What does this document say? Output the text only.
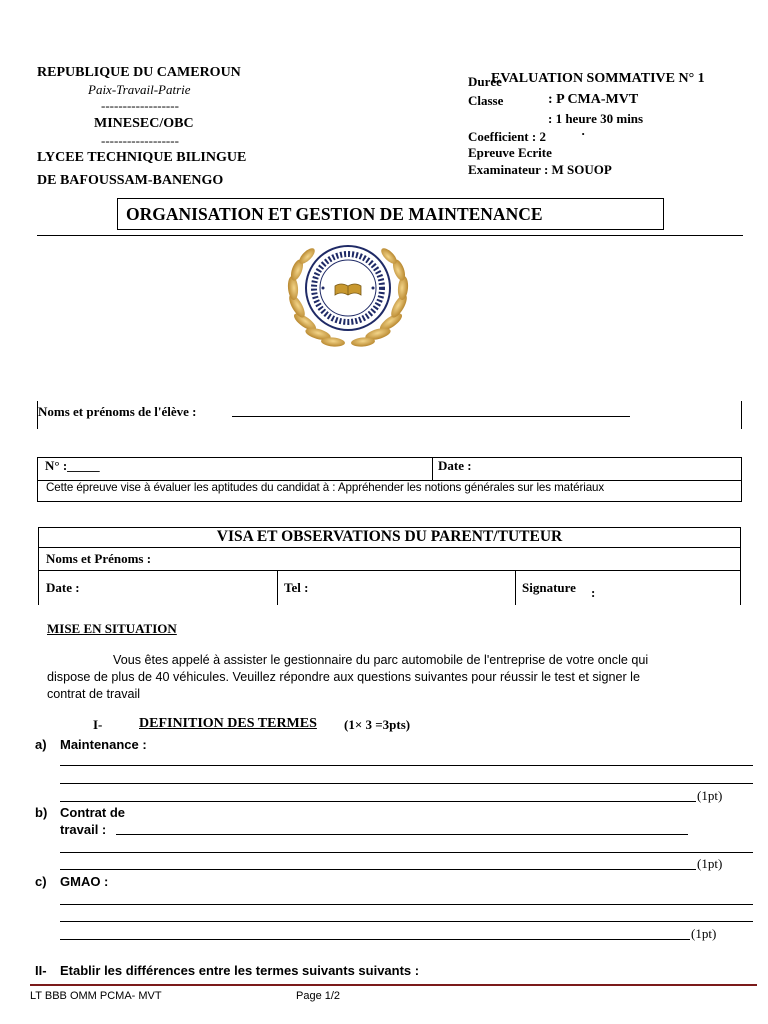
REPUBLIQUE DU CAMEROUN
Paix-Travail-Patrie
------------------
MINESEC/OBC
------------------
LYCEE TECHNIQUE BILINGUE
DE BAFOUSSAM-BANENGO
Durée
EVALUATION SOMMATIVE N° 1
Classe	: P CMA-MVT
: 1 heure 30 mins
Coefficient : 2	·
Epreuve Ecrite
Examinateur : M SOUOP
ORGANISATION ET GESTION DE MAINTENANCE
Noms et prénoms de l'élève :
N° :_____	Date :
Cette épreuve vise à évaluer les aptitudes du candidat à : Appréhender les notions générales sur les matériaux
VISA ET OBSERVATIONS DU PARENT/TUTEUR
Noms et Prénoms :
Date :	Tel :	Signature :
MISE EN SITUATION
Vous êtes appelé à assister le gestionnaire du parc automobile de l'entreprise de votre oncle qui
dispose de plus de 40 véhicules. Veuillez répondre aux questions suivantes pour réussir le test et signer le
contrat de travail
I-	DEFINITION DES TERMES (1× 3 =3pts)
a) Maintenance :
(1pt)
b) Contrat de
travail :
(1pt)
c) GMAO :
(1pt)
II- Etablir les différences entre les termes suivants suivants :
LT BBB OMM PCMA- MVT	Page 1/2
